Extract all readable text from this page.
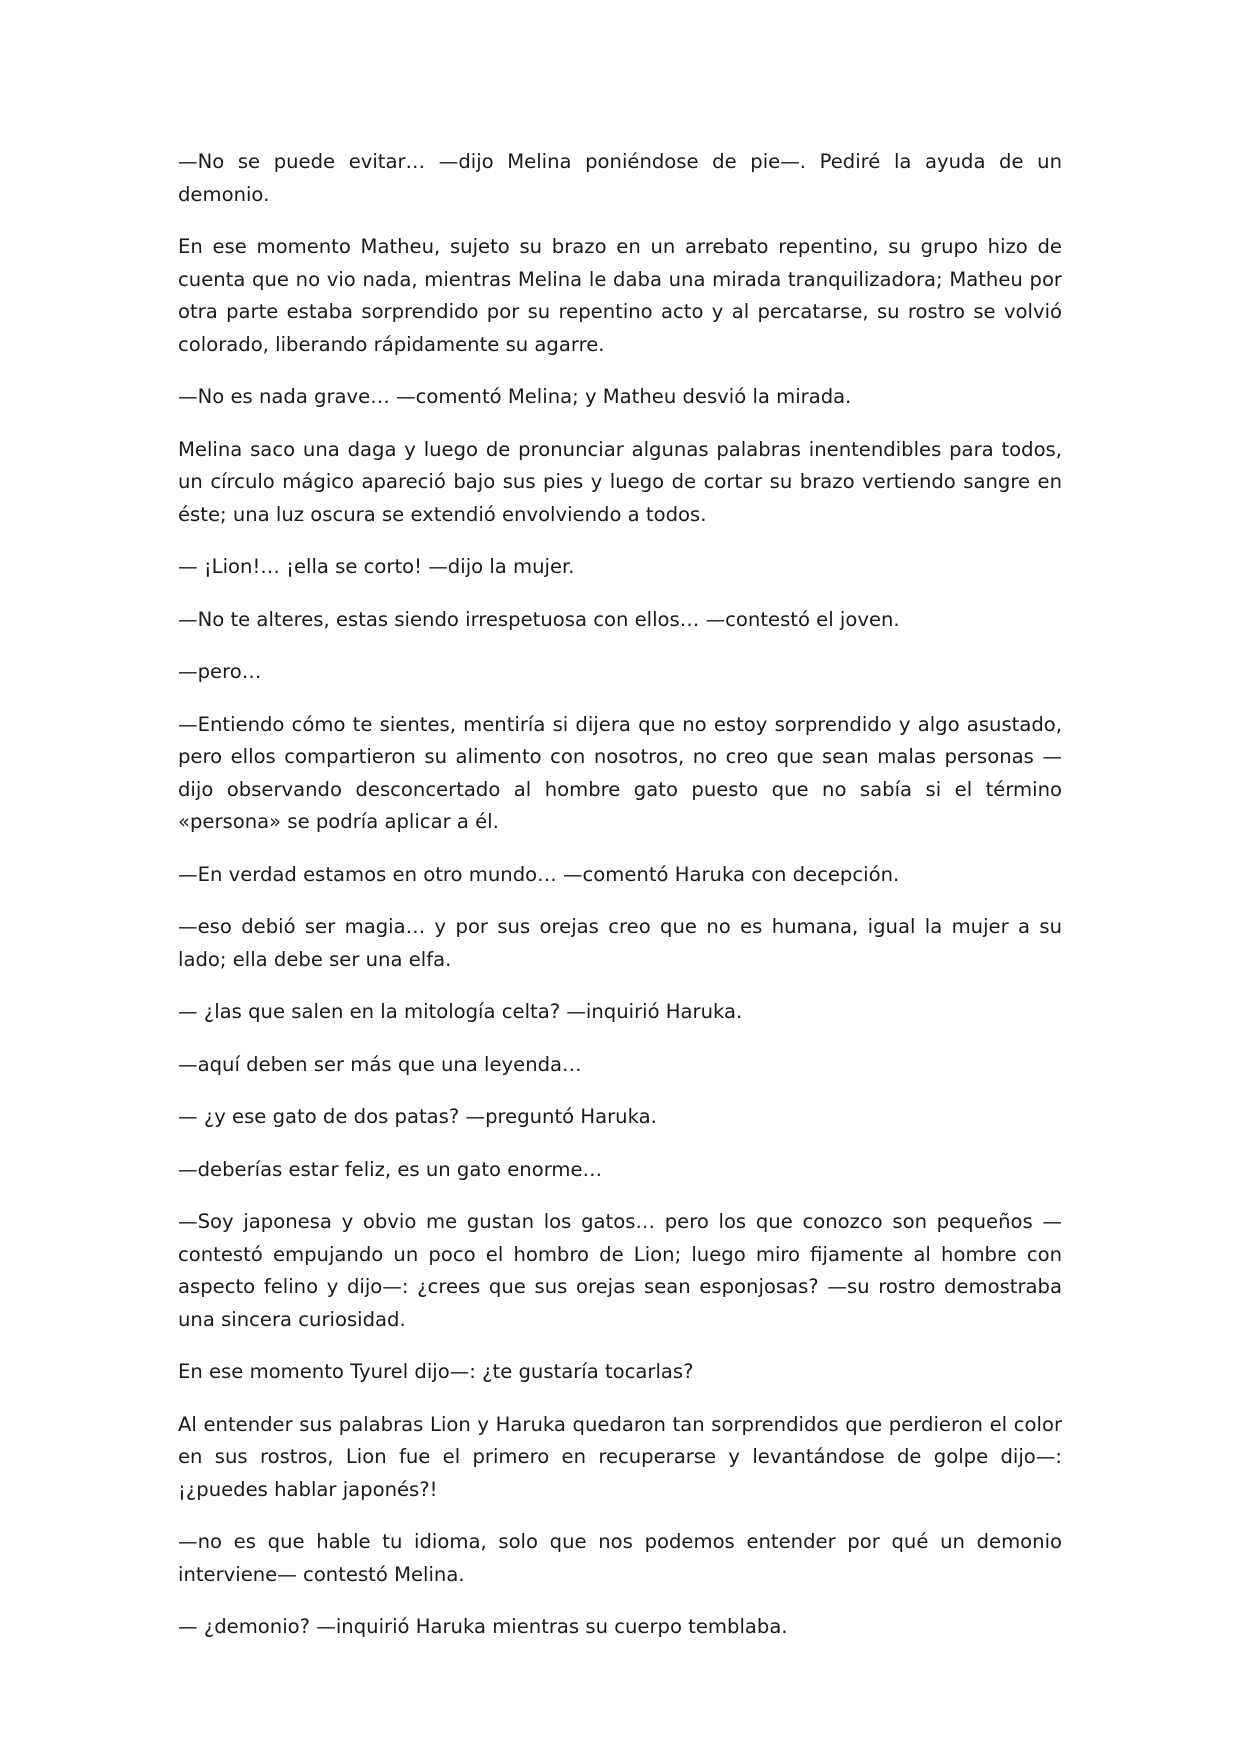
—No se puede evitar… —dijo Melina poniéndose de pie—. Pediré la ayuda de un demonio.

En ese momento Matheu, sujeto su brazo en un arrebato repentino, su grupo hizo de cuenta que no vio nada, mientras Melina le daba una mirada tranquilizadora; Matheu por otra parte estaba sorprendido por su repentino acto y al percatarse, su rostro se volvió colorado, liberando rápidamente su agarre.

—No es nada grave… —comentó Melina; y Matheu desvió la mirada.

Melina saco una daga y luego de pronunciar algunas palabras inentendibles para todos, un círculo mágico apareció bajo sus pies y luego de cortar su brazo vertiendo sangre en éste; una luz oscura se extendió envolviendo a todos.

— ¡Lion!… ¡ella se corto! —dijo la mujer.

—No te alteres, estas siendo irrespetuosa con ellos… —contestó el joven.

—pero…

—Entiendo cómo te sientes, mentiría si dijera que no estoy sorprendido y algo asustado, pero ellos compartieron su alimento con nosotros, no creo que sean malas personas —dijo observando desconcertado al hombre gato puesto que no sabía si el término «persona» se podría aplicar a él.

—En verdad estamos en otro mundo… —comentó Haruka con decepción.

—eso debió ser magia… y por sus orejas creo que no es humana, igual la mujer a su lado; ella debe ser una elfa.

— ¿las que salen en la mitología celta? —inquirió Haruka.

—aquí deben ser más que una leyenda…

— ¿y ese gato de dos patas? —preguntó Haruka.

—deberías estar feliz, es un gato enorme…

—Soy japonesa y obvio me gustan los gatos… pero los que conozco son pequeños —contestó empujando un poco el hombro de Lion; luego miro fijamente al hombre con aspecto felino y dijo—: ¿crees que sus orejas sean esponjosas? —su rostro demostraba una sincera curiosidad.

En ese momento Tyurel dijo—: ¿te gustaría tocarlas?

Al entender sus palabras Lion y Haruka quedaron tan sorprendidos que perdieron el color en sus rostros, Lion fue el primero en recuperarse y levantándose de golpe dijo—: ¡¿puedes hablar japonés?!

—no es que hable tu idioma, solo que nos podemos entender por qué un demonio interviene— contestó Melina.

— ¿demonio? —inquirió Haruka mientras su cuerpo temblaba.
